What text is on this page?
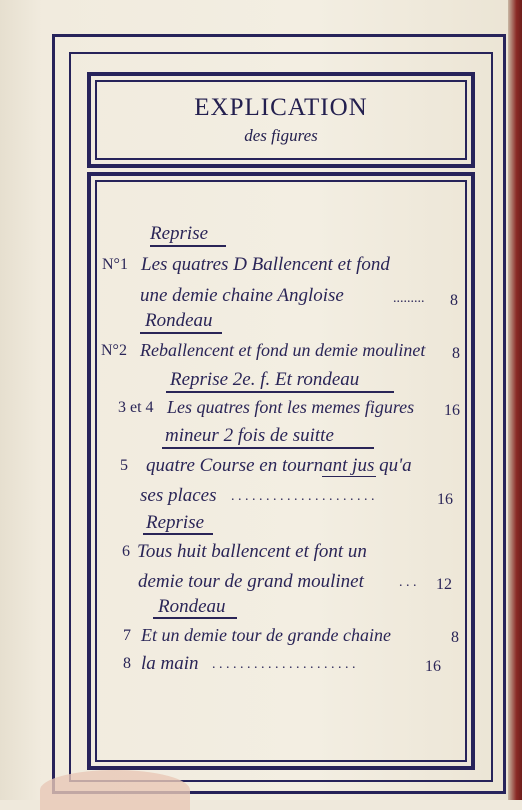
EXPLICATION
des figures
Reprise
N°1 Les quatres D Ballencent et fond
une demie chaine Angloise	......... 8
Rondeau
N°2 Reballencent et fond un demie moulinet 8
Reprise 2e. f. Et rondeau
3 et 4 Les quatres font les memes figures 16
mineur 2 fois de suitte
5 quatre Course en tournant jus qu'a
ses places . . . . . . . . . . . . . . . . . . . . .	16
Reprise
6 Tous huit ballencent et font un
demie tour de grand moulinet	. . . 12
Rondeau
7 Et un demie tour de grande chaine	8
8 la main . . . . . . . . . . . . . . . . . . . . .	16
